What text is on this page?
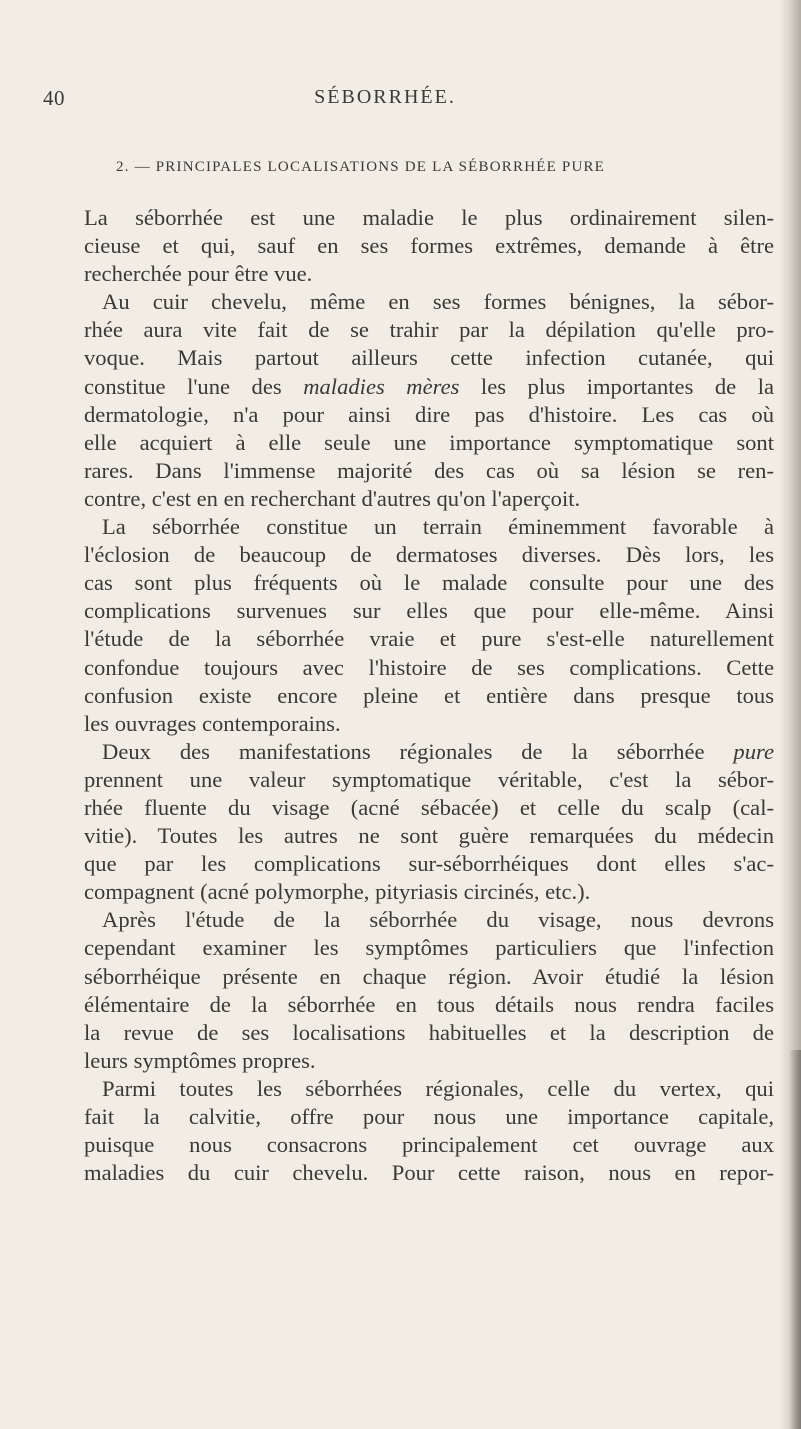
40	SÉBORRHÉE.
2. — PRINCIPALES LOCALISATIONS DE LA SÉBORRHÉE PURE
La séborrhée est une maladie le plus ordinairement silen-
cieuse et qui, sauf en ses formes extrêmes, demande à être
recherchée pour être vue.
Au cuir chevelu, même en ses formes bénignes, la sébor-
rhée aura vite fait de se trahir par la dépilation qu'elle pro-
voque. Mais partout ailleurs cette infection cutanée, qui
constitue l'une des maladies mères les plus importantes de la
dermatologie, n'a pour ainsi dire pas d'histoire. Les cas où
elle acquiert à elle seule une importance symptomatique sont
rares. Dans l'immense majorité des cas où sa lésion se ren-
contre, c'est en en recherchant d'autres qu'on l'aperçoit.
La séborrhée constitue un terrain éminemment favorable à
l'éclosion de beaucoup de dermatoses diverses. Dès lors, les
cas sont plus fréquents où le malade consulte pour une des
complications survenues sur elles que pour elle-même. Ainsi
l'étude de la séborrhée vraie et pure s'est-elle naturellement
confondue toujours avec l'histoire de ses complications. Cette
confusion existe encore pleine et entière dans presque tous
les ouvrages contemporains.
Deux des manifestations régionales de la séborrhée pure
prennent une valeur symptomatique véritable, c'est la sébor-
rhée fluente du visage (acné sébacée) et celle du scalp (cal-
vitie). Toutes les autres ne sont guère remarquées du médecin
que par les complications sur-séborrhéiques dont elles s'ac-
compagnent (acné polymorphe, pityriasis circinés, etc.).
Après l'étude de la séborrhée du visage, nous devrons
cependant examiner les symptômes particuliers que l'infection
séborrhéique présente en chaque région. Avoir étudié la lésion
élémentaire de la séborrhée en tous détails nous rendra faciles
la revue de ses localisations habituelles et la description de
leurs symptômes propres.
Parmi toutes les séborrhées régionales, celle du vertex, qui
fait la calvitie, offre pour nous une importance capitale,
puisque nous consacrons principalement cet ouvrage aux
maladies du cuir chevelu. Pour cette raison, nous en repor-
